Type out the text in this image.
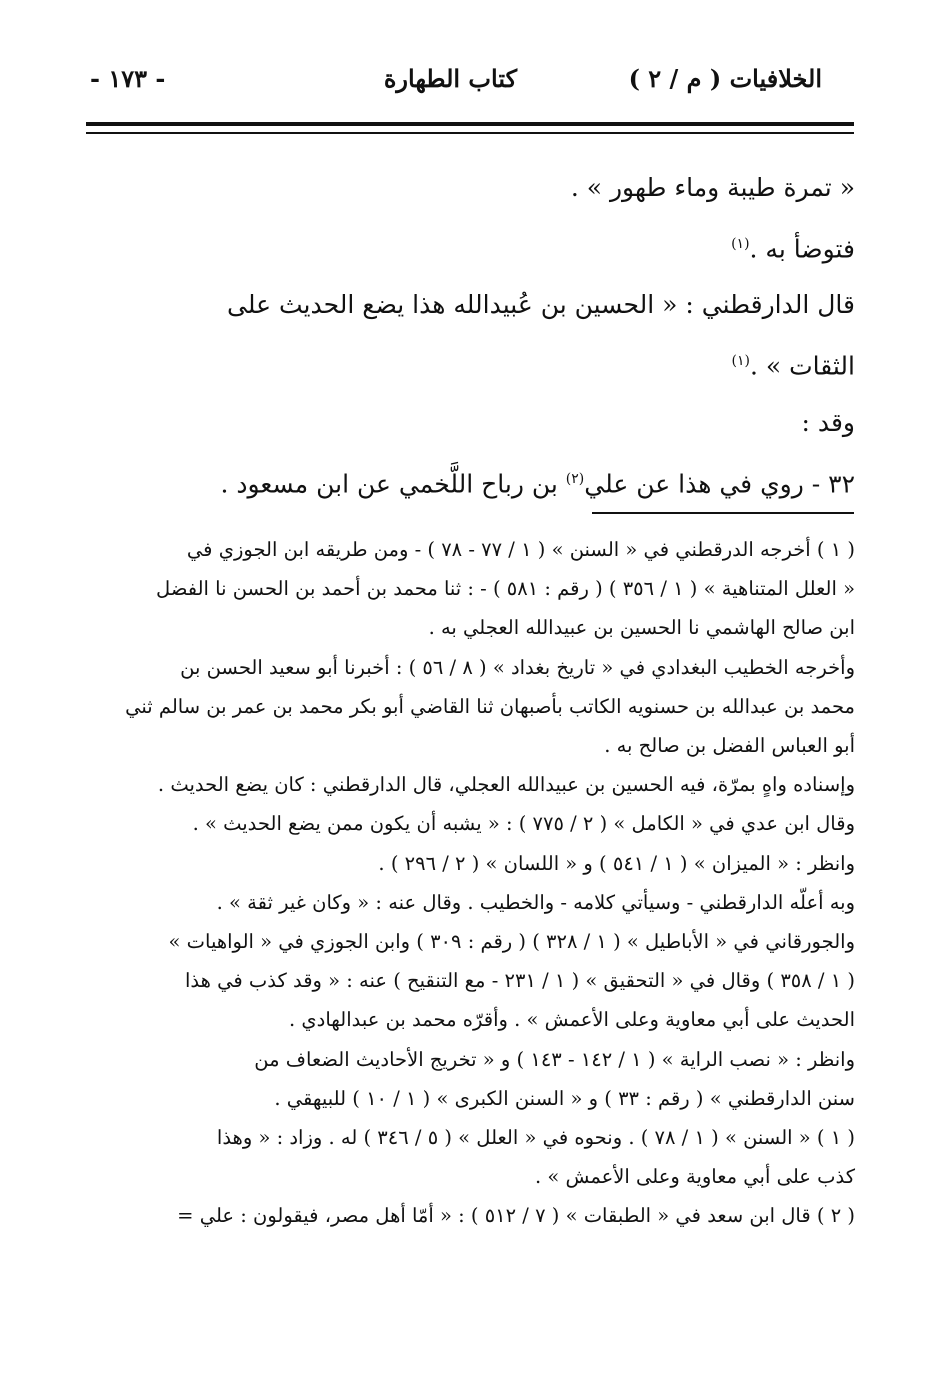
الخلافيات ( م / ٢ )
كتاب الطهارة
- ١٧٣ -

« تمرة طيبة وماء طهور » .

فتوضأ به .$^{(١)}$

قال الدارقطني : « الحسين بن عُبيدالله هذا يضع الحديث على

الثقات » .$^{(١)}$

وقد :

٣٢ - روي في هذا عن علي$^{(٢)}$ بن رباح اللَّخمي عن ابن مسعود .

( ١ ) أخرجه الدرقطني في « السنن » ( ١ / ٧٧ - ٧٨ ) - ومن طريقه ابن الجوزي في

« العلل المتناهية » ( ١ / ٣٥٦ ) ( رقم : ٥٨١ ) - : ثنا محمد بن أحمد بن الحسن نا الفضل

ابن صالح الهاشمي نا الحسين بن عبيدالله العجلي به .

وأخرجه الخطيب البغدادي في « تاريخ بغداد » ( ٨ / ٥٦ ) : أخبرنا أبو سعيد الحسن بن

محمد بن عبدالله بن حسنويه الكاتب بأصبهان ثنا القاضي أبو بكر محمد بن عمر بن سالم ثني

أبو العباس الفضل بن صالح به .

وإسناده واهٍ بمرّة، فيه الحسين بن عبيدالله العجلي، قال الدارقطني : كان يضع الحديث .

وقال ابن عدي في « الكامل » ( ٢ / ٧٧٥ ) : « يشبه أن يكون ممن يضع الحديث » .

وانظر : « الميزان » ( ١ / ٥٤١ ) و « اللسان » ( ٢ / ٢٩٦ ) .

وبه أعلّه الدارقطني - وسيأتي كلامه - والخطيب . وقال عنه : « وكان غير ثقة » .

والجورقاني في « الأباطيل » ( ١ / ٣٢٨ ) ( رقم : ٣٠٩ ) وابن الجوزي في « الواهيات »

( ١ / ٣٥٨ ) وقال في « التحقيق » ( ١ / ٢٣١ - مع التنقيح ) عنه : « وقد كذب في هذا

الحديث على أبي معاوية وعلى الأعمش » . وأقرّه محمد بن عبدالهادي .

وانظر : « نصب الراية » ( ١ / ١٤٢ - ١٤٣ ) و « تخريج الأحاديث الضعاف من

سنن الدارقطني » ( رقم : ٣٣ ) و « السنن الكبرى » ( ١ / ١٠ ) للبيهقي .

( ١ ) « السنن » ( ١ / ٧٨ ) . ونحوه في « العلل » ( ٥ / ٣٤٦ ) له . وزاد : « وهذا

كذب على أبي معاوية وعلى الأعمش » .

( ٢ ) قال ابن سعد في « الطبقات » ( ٧ / ٥١٢ ) : « أمّا أهل مصر، فيقولون : علي =
